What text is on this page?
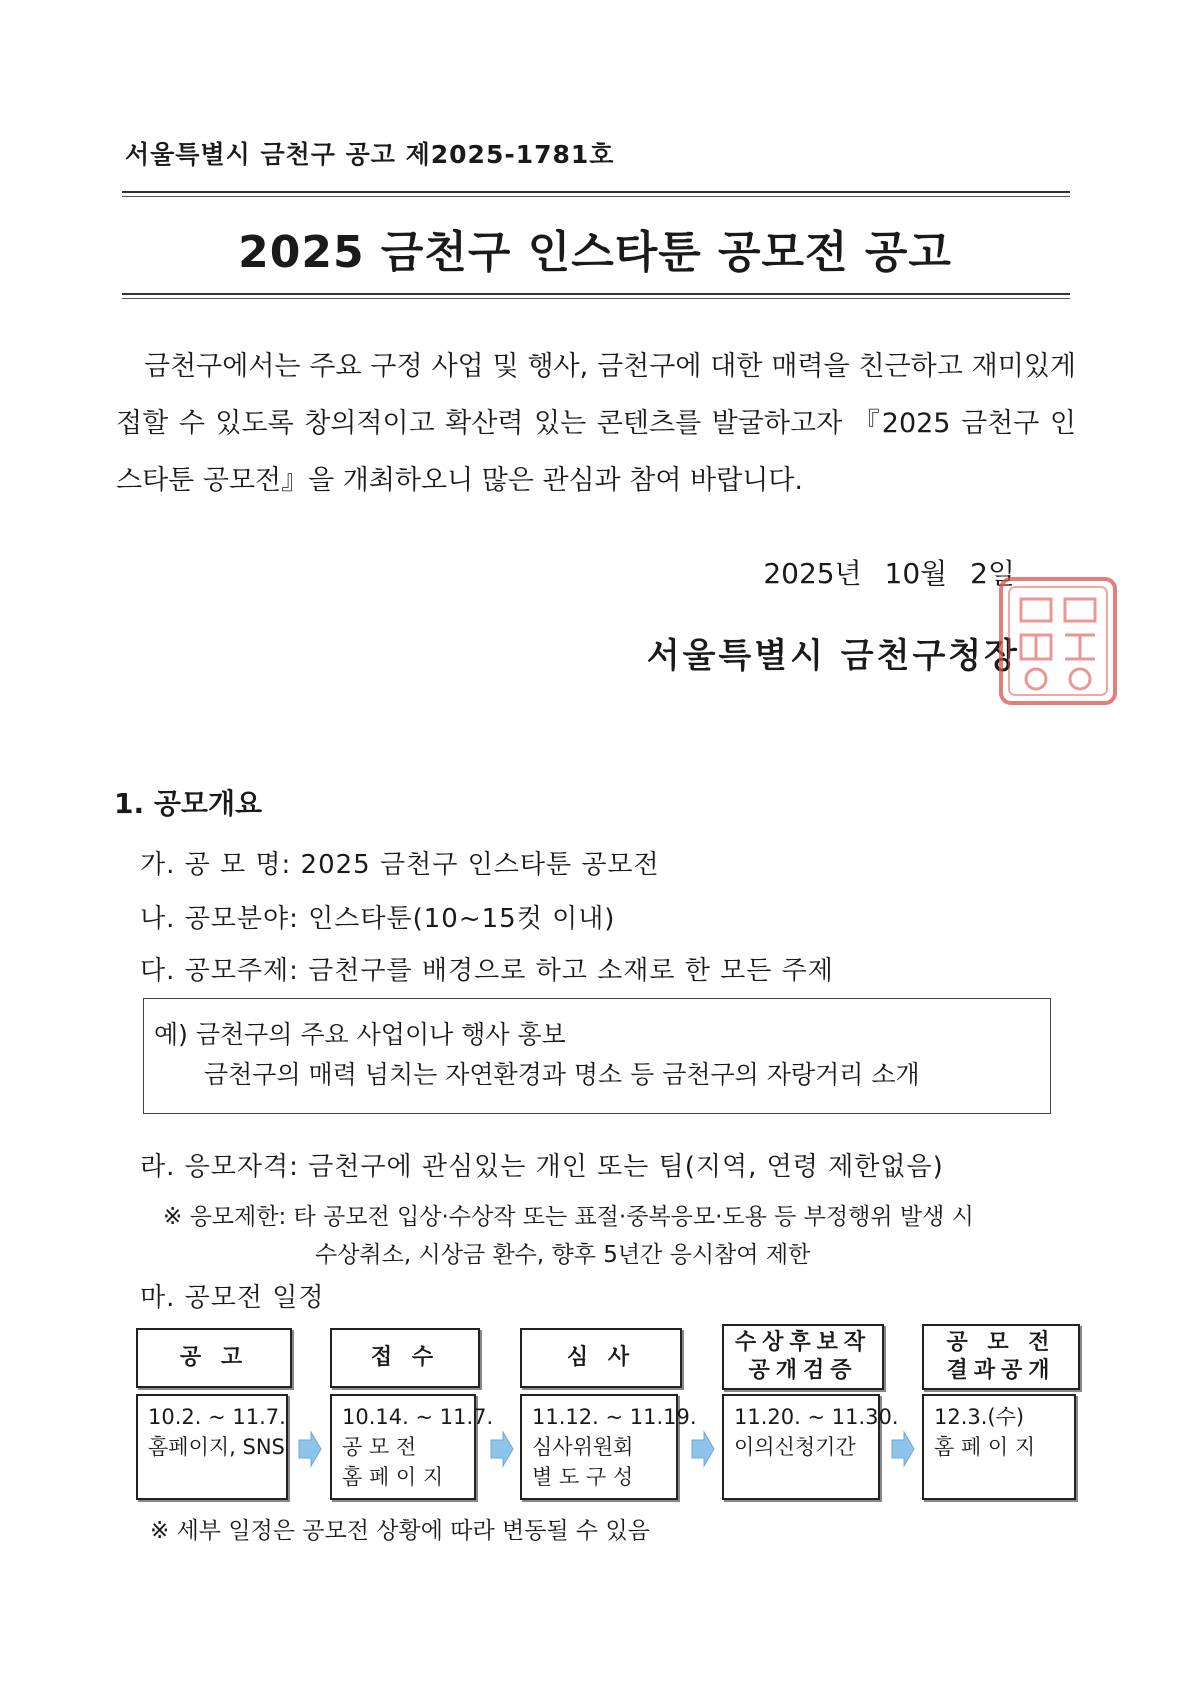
서울특별시 금천구 공고 제2025-1781호
2025 금천구 인스타툰 공모전 공고

금천구에서는 주요 구정 사업 및 행사, 금천구에 대한 매력을 친근하고 재미있게 접할 수 있도록 창의적이고 확산력 있는 콘텐츠를 발굴하고자 『2025 금천구 인스타툰 공모전』을 개최하오니 많은 관심과 참여 바랍니다.

2025년 10월 2일
서울특별시 금천구청장
1. 공모개요
가. 공 모 명: 2025 금천구 인스타툰 공모전
나. 공모분야: 인스타툰(10~15컷 이내)
다. 공모주제: 금천구를 배경으로 하고 소재로 한 모든 주제
예) 금천구의 주요 사업이나 행사 홍보
금천구의 매력 넘치는 자연환경과 명소 등 금천구의 자랑거리 소개
라. 응모자격: 금천구에 관심있는 개인 또는 팀(지역, 연령 제한없음)
※ 응모제한: 타 공모전 입상·수상작 또는 표절·중복응모·도용 등 부정행위 발생 시
수상취소, 시상금 환수, 향후 5년간 응시참여 제한
마. 공모전 일정
공 고
10.2. ~ 11.7.
홈페이지, SNS
접 수
10.14. ~ 11.7.
공 모 전
홈 페 이 지
심 사
11.12. ~ 11.19.
심사위원회
별 도 구 성
수상후보작
공개검증
11.20. ~ 11.30.
이의신청기간
공 모 전
결과공개
12.3.(수)
홈 페 이 지
※ 세부 일정은 공모전 상황에 따라 변동될 수 있음
